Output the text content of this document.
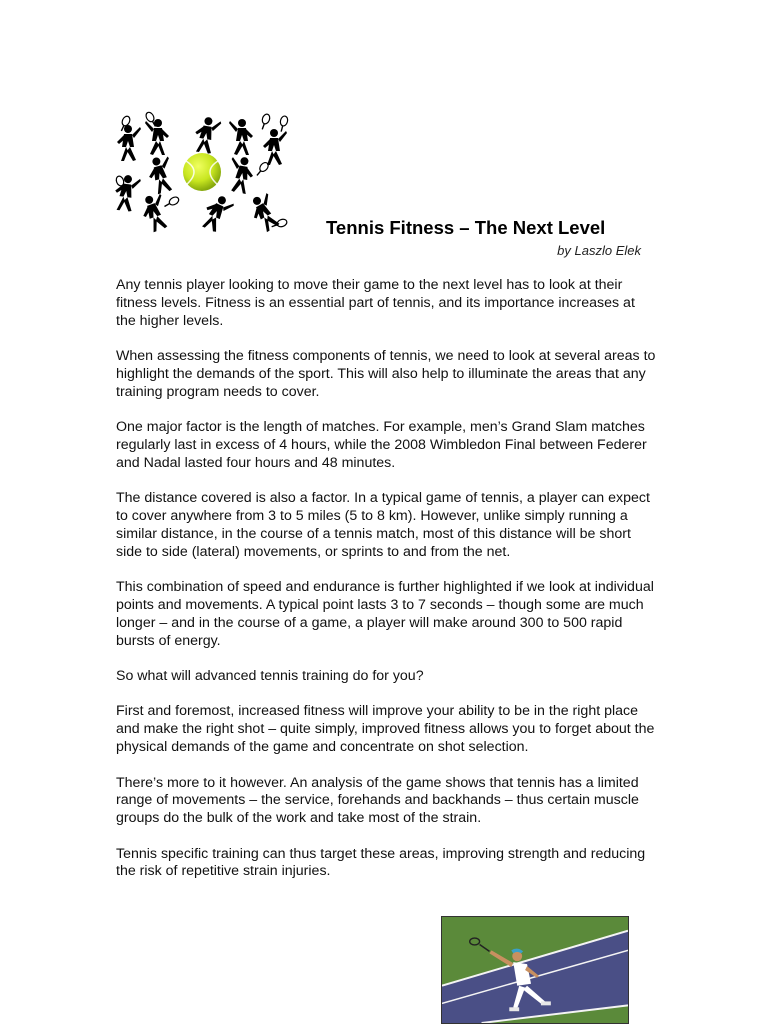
Tennis Fitness – The Next Level

by Laszlo Elek

Any tennis player looking to move their game to the next level has to look at their fitness levels. Fitness is an essential part of tennis, and its importance increases at the higher levels.

When assessing the fitness components of tennis, we need to look at several areas to highlight the demands of the sport. This will also help to illuminate the areas that any training program needs to cover.

One major factor is the length of matches. For example, men’s Grand Slam matches regularly last in excess of 4 hours, while the 2008 Wimbledon Final between Federer and Nadal lasted four hours and 48 minutes.

The distance covered is also a factor. In a typical game of tennis, a player can expect to cover anywhere from 3 to 5 miles (5 to 8 km). However, unlike simply running a similar distance, in the course of a tennis match, most of this distance will be short side to side (lateral) movements, or sprints to and from the net.

This combination of speed and endurance is further highlighted if we look at individual points and movements. A typical point lasts 3 to 7 seconds – though some are much longer – and in the course of a game, a player will make around 300 to 500 rapid bursts of energy.

So what will advanced tennis training do for you?

First and foremost, increased fitness will improve your ability to be in the right place and make the right shot – quite simply, improved fitness allows you to forget about the physical demands of the game and concentrate on shot selection.

There’s more to it however. An analysis of the game shows that tennis has a limited range of movements – the service, forehands and backhands – thus certain muscle groups do the bulk of the work and take most of the strain.

Tennis specific training can thus target these areas, improving strength and reducing the risk of repetitive strain injuries.
